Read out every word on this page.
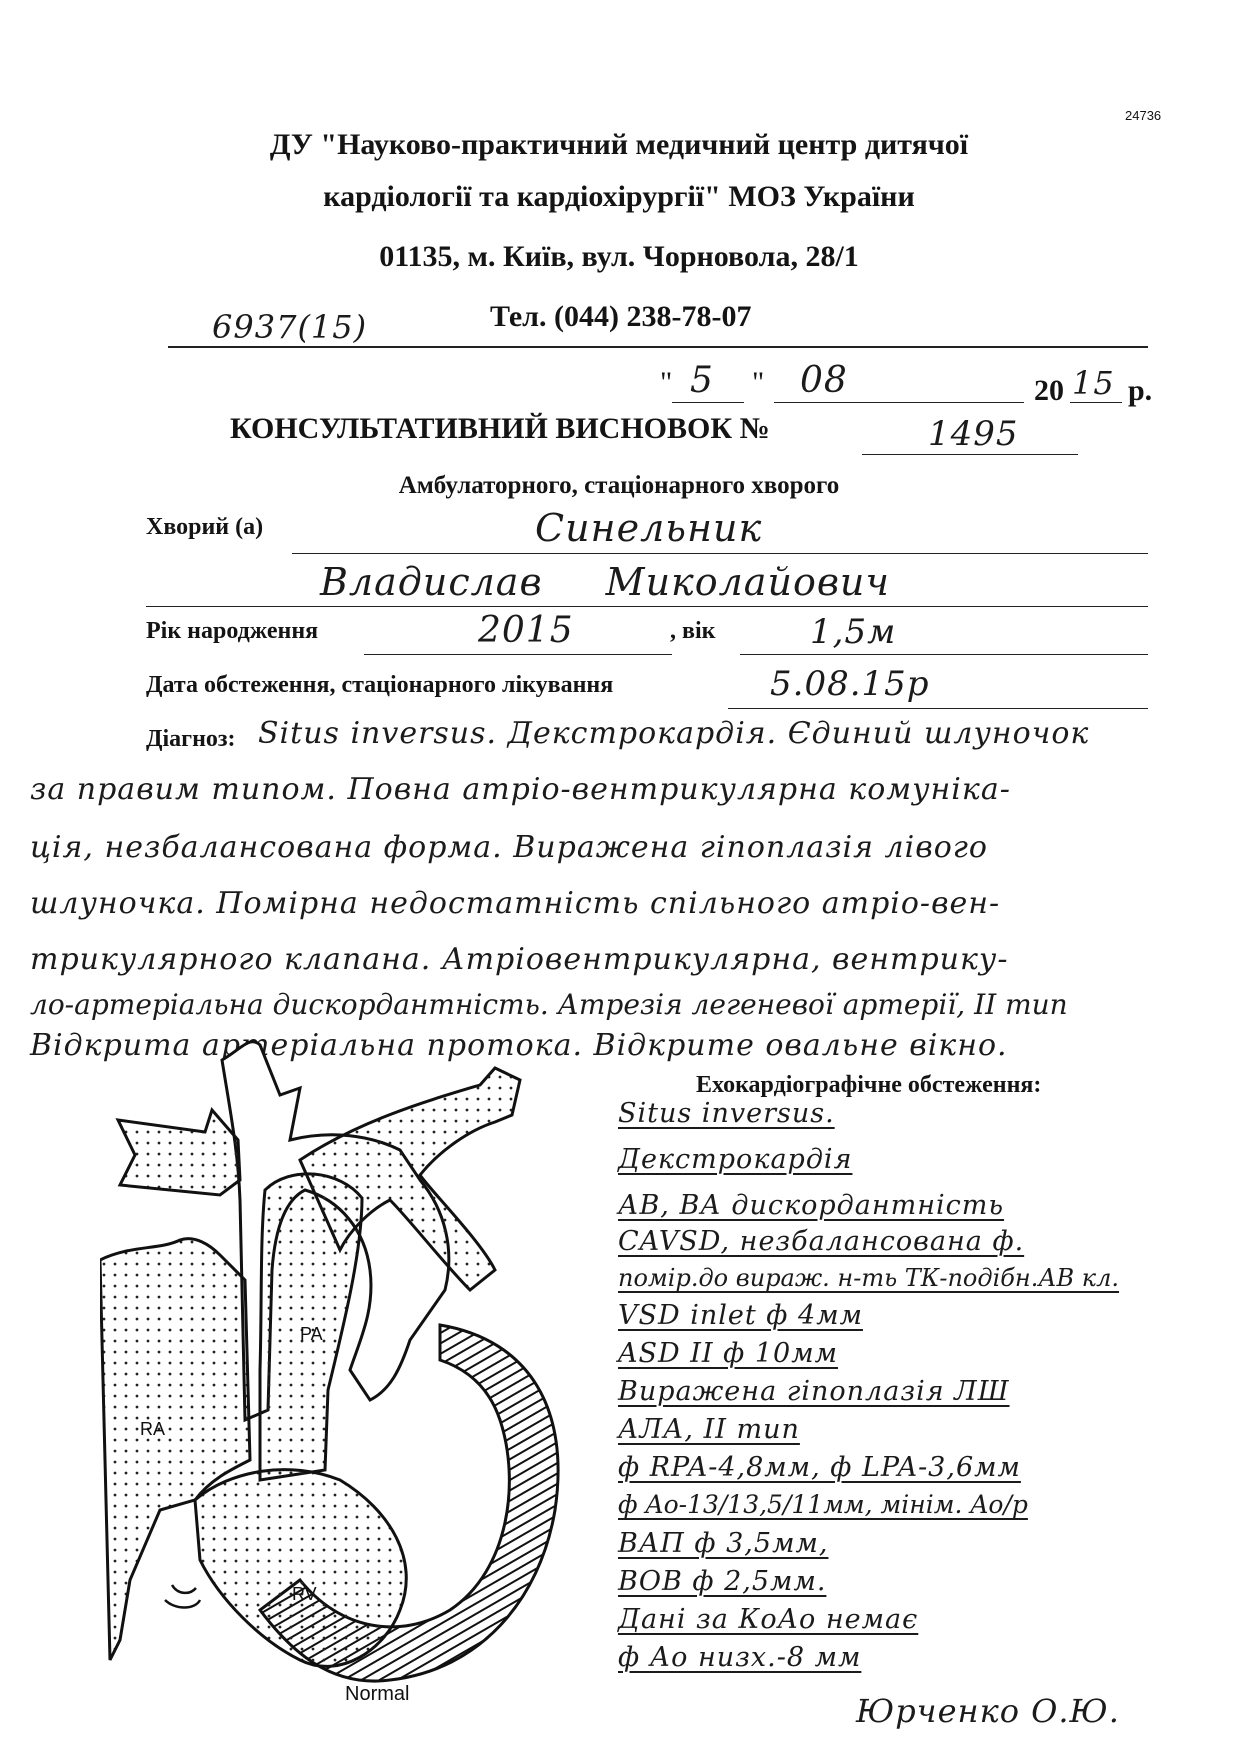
24736
ДУ "Науково-практичний медичний центр дитячої
кардіології та кардіохірургії" МОЗ України
01135, м. Київ, вул. Чорновола, 28/1
6937(15)	Тел. (044) 238-78-07
" 5 " 08	20 15 р.
КОНСУЛЬТАТИВНИЙ ВИСНОВОК №	1495
Амбулаторного, стаціонарного хворого
Хворий (а)	Синельник
Владислав Миколайович
Рік народження	2015	, вік	1,5м
Дата обстеження, стаціонарного лікування	5.08.15р
Діагноз: Situs inversus. Декстрокардія. Єдиний шлуночок
за правим типом. Повна атріо-вентрикулярна комуніка-
ція, незбалансована форма. Виражена гіпоплазія лівого
шлуночка. Помірна недостатність спільного атріо-вен-
трикулярного клапана. Атріовентрикулярна, вентрику-
ло-артеріальна дискордантність. Атрезія легеневої артерії, II тип
Відкрита артеріальна протока. Відкрите овальне вікно.
Ехокардіографічне обстеження:
Situs inversus.
Декстрокардія
АВ, ВА дискордантність
CAVSD, незбалансована ф.
помір.до вираж. н-ть ТК-подібн.АВ кл.
VSD inlet ф 4мм
ASD II ф 10мм
Виражена гіпоплазія ЛШ
АЛА, II тип
ф RPA-4,8мм, ф LPA-3,6мм
ф Ao-13/13,5/11мм, мінім. Ao/p
ВАП ф 3,5мм,
ВОВ ф 2,5мм.
Дані за КоАо немає
ф Ао низх.-8 мм
Юрченко О.Ю.
PA
RA
RV
Normal
